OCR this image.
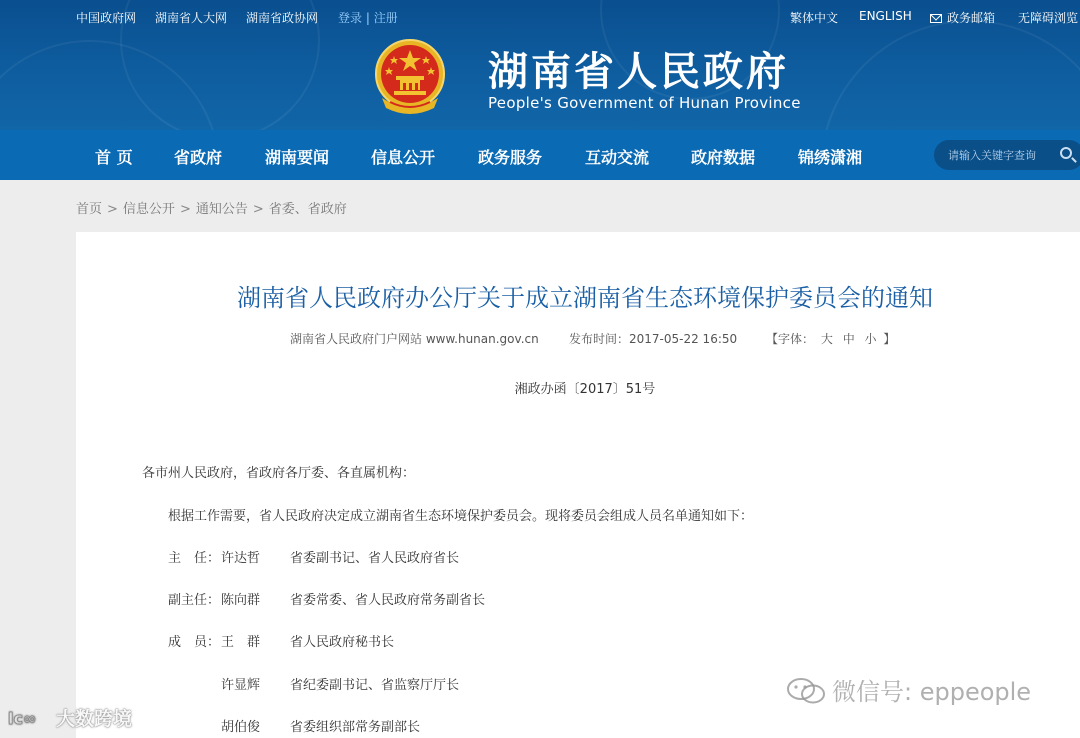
中国政府网 湖南省人大网 湖南省政协网 登录 | 注册	繁体中文 ENGLISH	政务邮箱 无障碍浏览
湖南省人民政府
People's Government of Hunan Province
首 页	省政府	湖南要闻	信息公开	政务服务	互动交流	政府数据	锦绣潇湘
请输入关键字查询
首页 > 信息公开 > 通知公告 > 省委、省政府
湖南省人民政府办公厅关于成立湖南省生态环境保护委员会的通知
湖南省人民政府门户网站 www.hunan.gov.cn	发布时间：2017-05-22 16:50 【字体： 大 中 小 】
湘政办函〔2017〕51号
各市州人民政府，省政府各厅委、各直属机构：
根据工作需要，省人民政府决定成立湖南省生态环境保护委员会。现将委员会组成人员名单通知如下：
主　任： 许达哲 省委副书记、省人民政府省长
副主任： 陈向群 省委常委、省人民政府常务副省长
成　员： 王　群 省人民政府秘书长
许显辉 省纪委副书记、省监察厅厅长
胡伯俊 省委组织部常务副部长
微信号: eppeople
lc∞ 大数跨境
